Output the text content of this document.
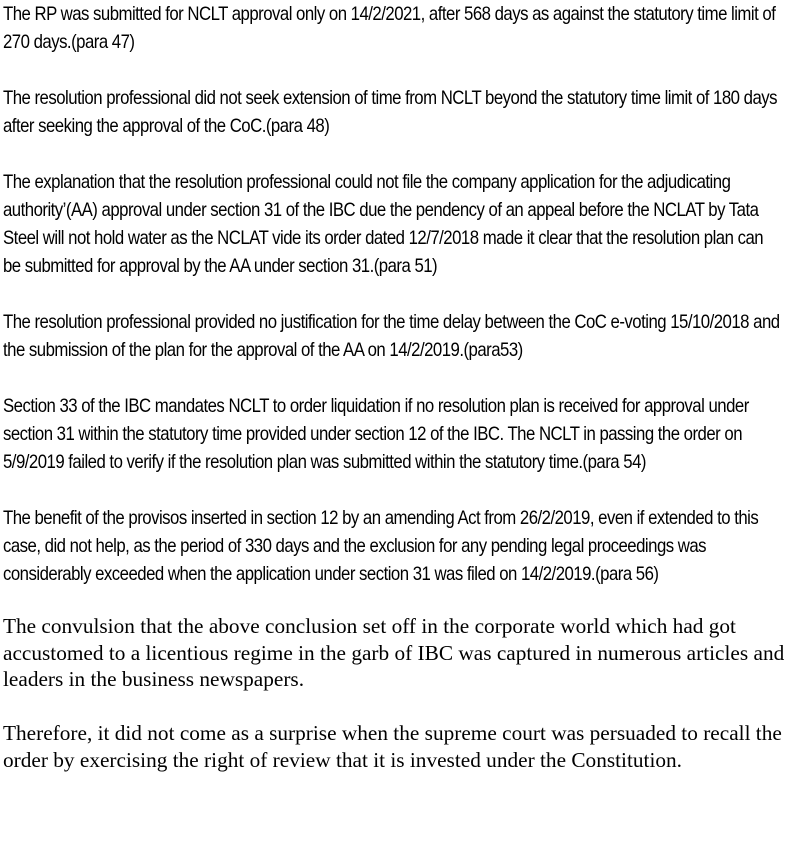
The RP was submitted for NCLT approval only on 14/2/2021, after 568 days as against the statutory time limit of 270 days.(para 47)

The resolution professional did not seek extension of time from NCLT beyond the statutory time limit of 180 days after seeking the approval of the CoC.(para 48)

The explanation that the resolution professional could not file the company application for the adjudicating authority’(AA) approval under section 31 of the IBC due the pendency of an appeal before the NCLAT by Tata Steel will not hold water as the NCLAT vide its order dated 12/7/2018 made it clear that the resolution plan can be submitted for approval by the AA under section 31.(para 51)

The resolution professional provided no justification for the time delay between the CoC e-voting 15/10/2018 and the submission of the plan for the approval of the AA on 14/2/2019.(para53)

Section 33 of the IBC mandates NCLT to order liquidation if no resolution plan is received for approval under section 31 within the statutory time provided under section 12 of the IBC. The NCLT in passing the order on 5/9/2019 failed to verify if the resolution plan was submitted within the statutory time.(para 54)

The benefit of the provisos inserted in section 12 by an amending Act from 26/2/2019, even if extended to this case, did not help, as the period of 330 days and the exclusion for any pending legal proceedings was considerably exceeded when the application under section 31 was filed on 14/2/2019.(para 56)

The convulsion that the above conclusion set off in the corporate world which had got accustomed to a licentious regime in the garb of IBC was captured in numerous articles and leaders in the business newspapers.

Therefore, it did not come as a surprise when the supreme court was persuaded to recall the order by exercising the right of review that it is invested under the Constitution.
